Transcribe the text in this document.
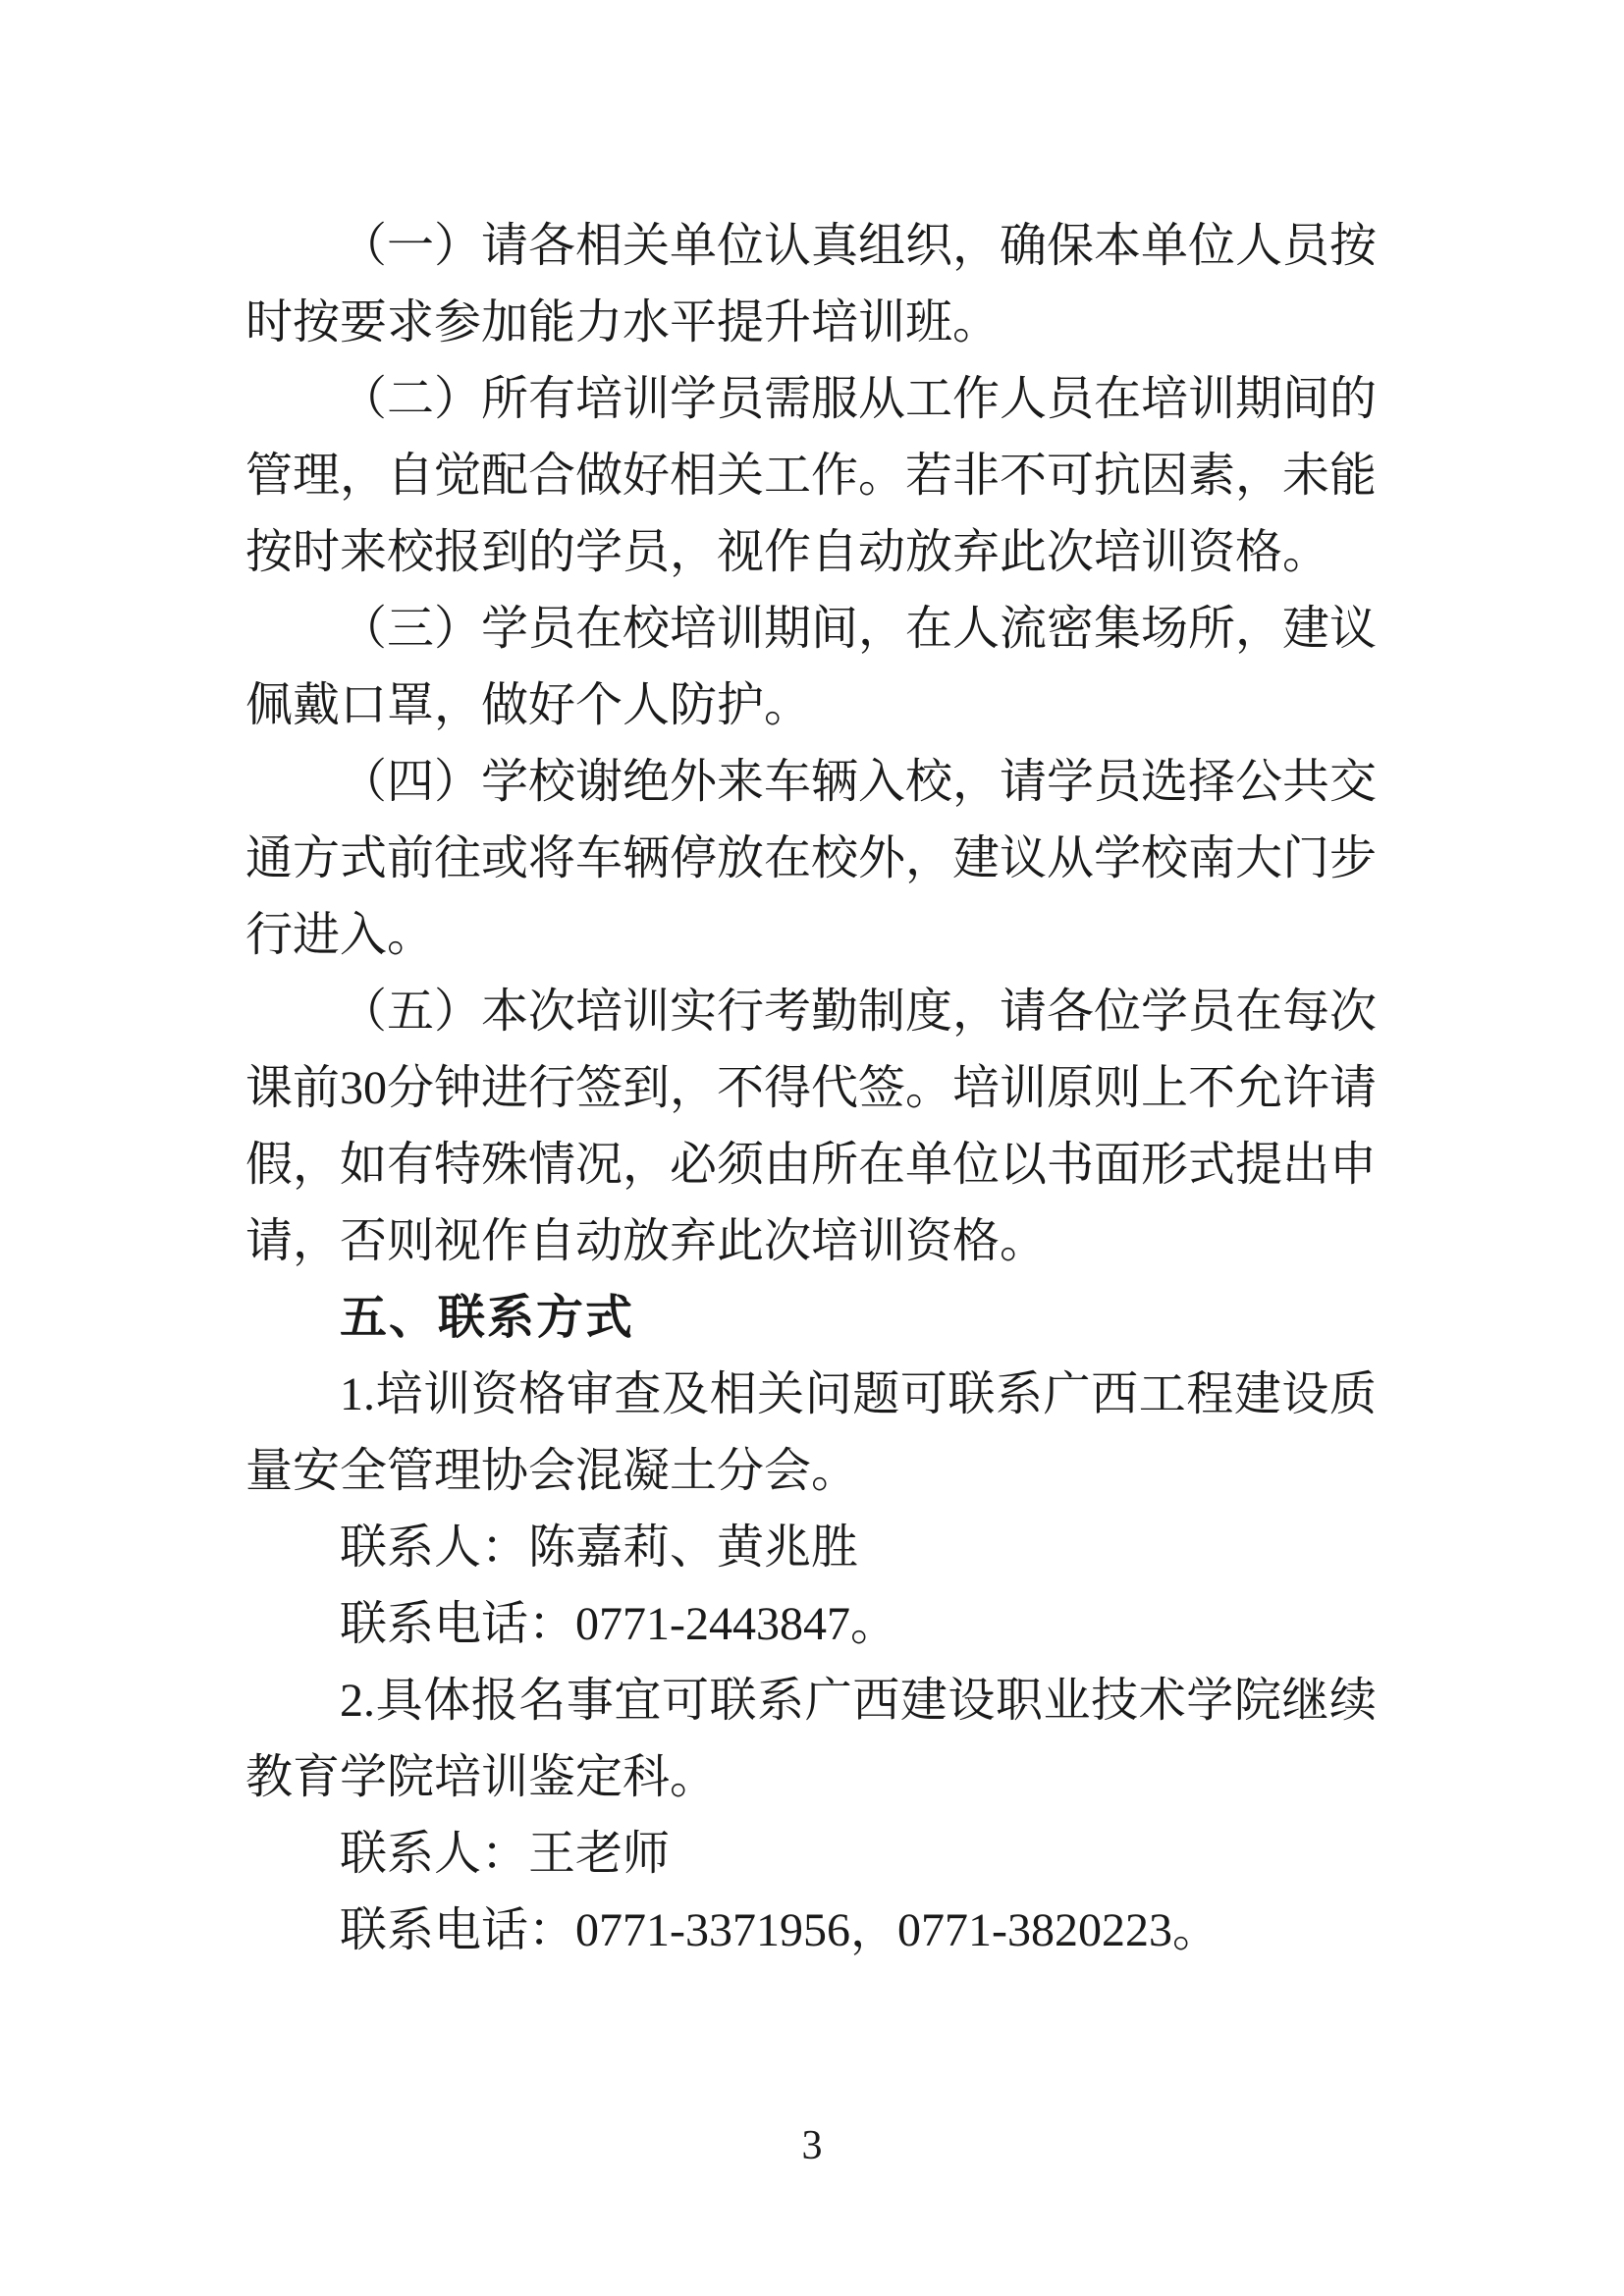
（一）请各相关单位认真组织，确保本单位人员按时按要求参加能力水平提升培训班。

（二）所有培训学员需服从工作人员在培训期间的管理，自觉配合做好相关工作。若非不可抗因素，未能按时来校报到的学员，视作自动放弃此次培训资格。

（三）学员在校培训期间，在人流密集场所，建议佩戴口罩，做好个人防护。

（四）学校谢绝外来车辆入校，请学员选择公共交通方式前往或将车辆停放在校外，建议从学校南大门步行进入。

（五）本次培训实行考勤制度，请各位学员在每次课前30分钟进行签到，不得代签。培训原则上不允许请假，如有特殊情况，必须由所在单位以书面形式提出申请，否则视作自动放弃此次培训资格。

五、联系方式

1.培训资格审查及相关问题可联系广西工程建设质量安全管理协会混凝土分会。

联系人：陈嘉莉、黄兆胜

联系电话：0771-2443847。

2.具体报名事宜可联系广西建设职业技术学院继续教育学院培训鉴定科。

联系人：王老师

联系电话：0771-3371956，0771-3820223。

3
